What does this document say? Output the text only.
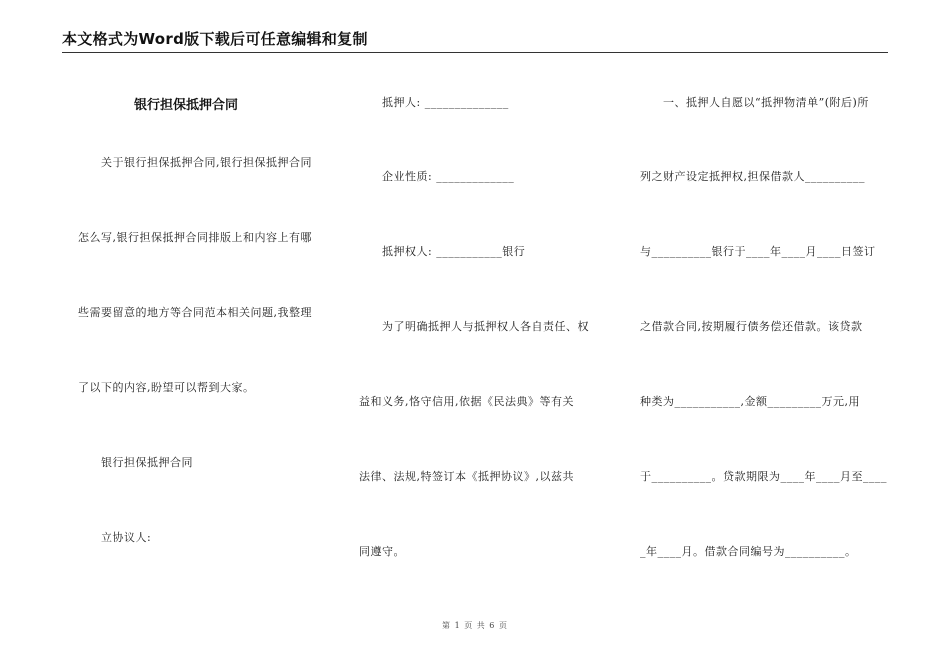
本文格式为Word版下载后可任意编辑和复制
银行担保抵押合同
关于银行担保抵押合同,银行担保抵押合同
怎么写,银行担保抵押合同排版上和内容上有哪
些需要留意的地方等合同范本相关问题,我整理
了以下的内容,盼望可以帮到大家。
银行担保抵押合同
立协议人:
抵押人: ______________
企业性质: _____________
抵押权人: ___________银行
为了明确抵押人与抵押权人各自责任、权
益和义务,恪守信用,依据《民法典》等有关
法律、法规,特签订本《抵押协议》,以兹共
同遵守。
一、抵押人自愿以“抵押物清单”(附后)所
列之财产设定抵押权,担保借款人__________
与__________银行于____年____月____日签订
之借款合同,按期履行债务偿还借款。该贷款
种类为___________,金额_________万元,用
于__________。贷款期限为____年____月至____
_年____月。借款合同编号为__________。
第 1 页 共 6 页
